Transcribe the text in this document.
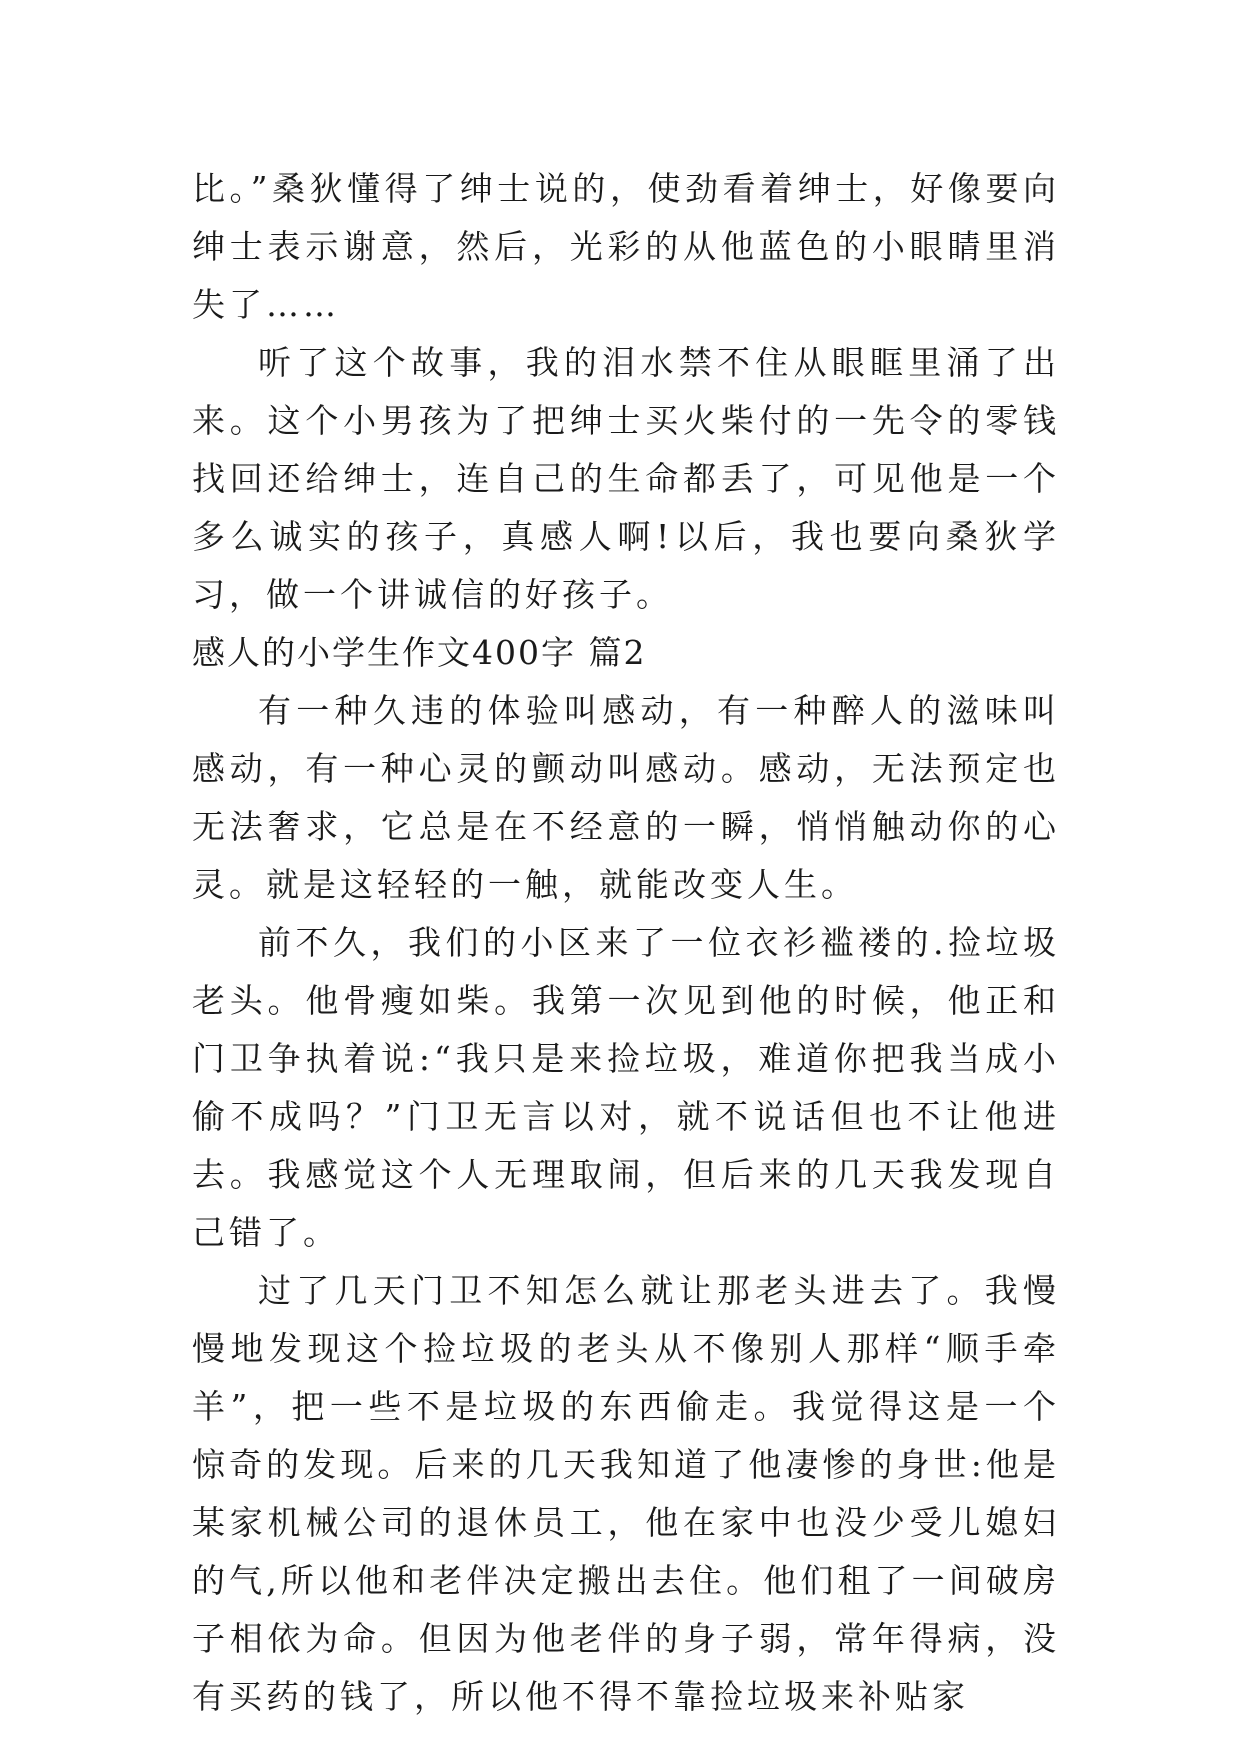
比。”桑狄懂得了绅士说的，使劲看着绅士，好像要向绅士表示谢意，然后，光彩的从他蓝色的小眼睛里消失了……

听了这个故事，我的泪水禁不住从眼眶里涌了出来。这个小男孩为了把绅士买火柴付的一先令的零钱找回还给绅士，连自己的生命都丢了，可见他是一个多么诚实的孩子，真感人啊!以后，我也要向桑狄学习，做一个讲诚信的好孩子。

感人的小学生作文400字 篇2

有一种久违的体验叫感动，有一种醉人的滋味叫感动，有一种心灵的颤动叫感动。感动，无法预定也无法奢求，它总是在不经意的一瞬，悄悄触动你的心灵。就是这轻轻的一触，就能改变人生。

前不久，我们的小区来了一位衣衫褴褛的.捡垃圾老头。他骨瘦如柴。我第一次见到他的时候，他正和门卫争执着说:“我只是来捡垃圾，难道你把我当成小偷不成吗？”门卫无言以对，就不说话但也不让他进去。我感觉这个人无理取闹，但后来的几天我发现自己错了。

过了几天门卫不知怎么就让那老头进去了。我慢慢地发现这个捡垃圾的老头从不像别人那样“顺手牵羊”，把一些不是垃圾的东西偷走。我觉得这是一个惊奇的发现。后来的几天我知道了他凄惨的身世:他是某家机械公司的退休员工，他在家中也没少受儿媳妇的气,所以他和老伴决定搬出去住。他们租了一间破房子相依为命。但因为他老伴的身子弱，常年得病，没有买药的钱了，所以他不得不靠捡垃圾来补贴家
